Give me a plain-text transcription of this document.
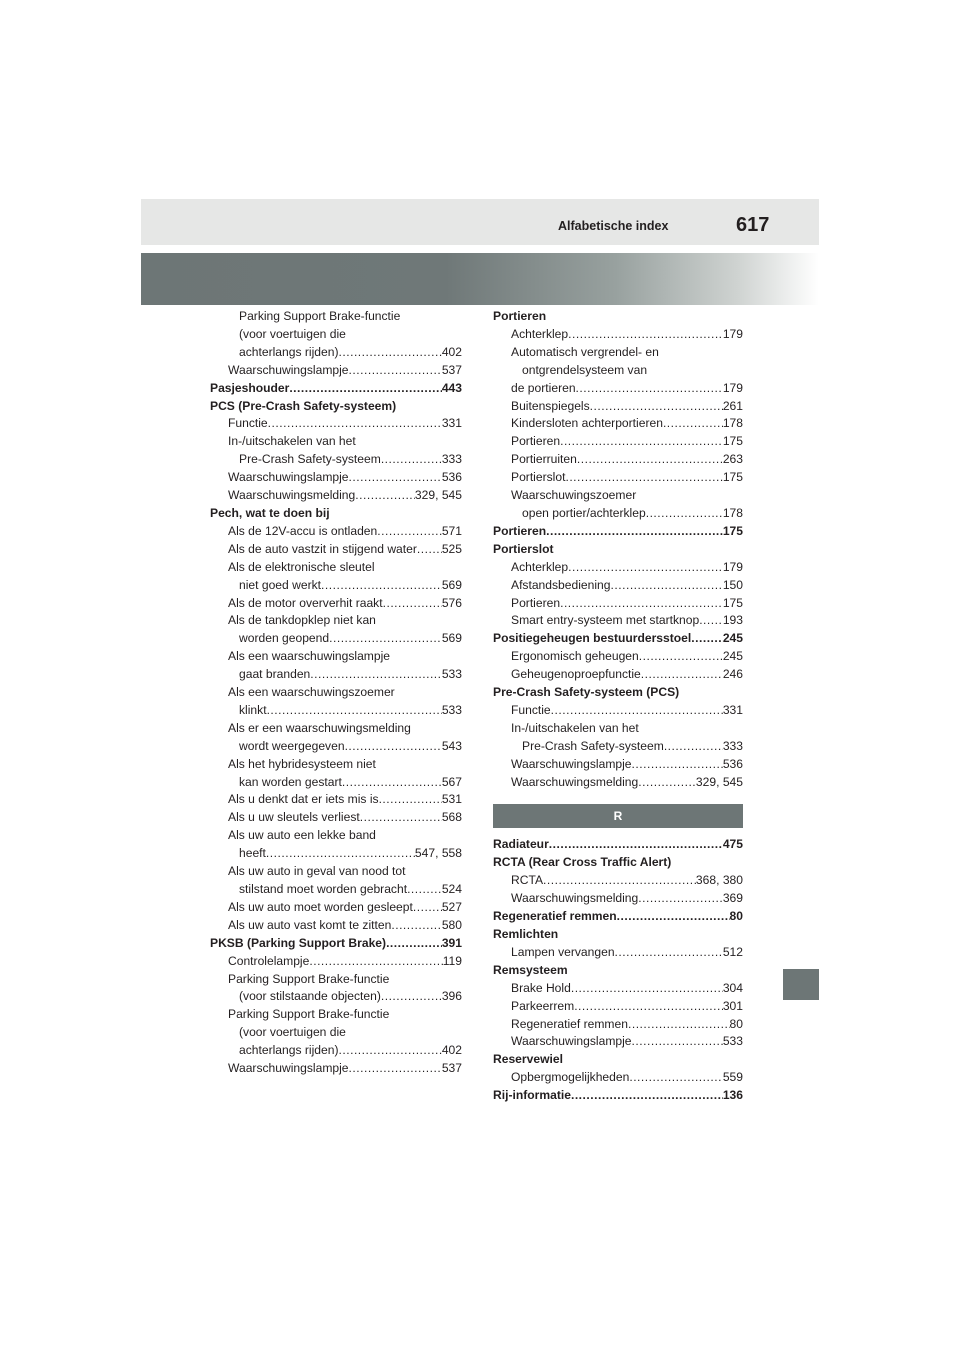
Alfabetische index	617
Parking Support Brake-functie
(voor voertuigen die
achterlangs rijden) .....	402
Waarschuwingslampje .....	537
Pasjeshouder .....	443
PCS (Pre-Crash Safety-systeem)
Functie .....	331
In-/uitschakelen van het
Pre-Crash Safety-systeem .....	333
Waarschuwingslampje .....	536
Waarschuwingsmelding .....	329, 545
Pech, wat te doen bij
Als de 12V-accu is ontladen .....	571
Als de auto vastzit in stijgend water ..... 525
Als de elektronische sleutel
niet goed werkt .....	569
Als de motor oververhit raakt .....	576
Als de tankdopklep niet kan
worden geopend .....	569
Als een waarschuwingslampje
gaat branden .....	533
Als een waarschuwingszoemer
klinkt .....	533
Als er een waarschuwingsmelding
wordt weergegeven .....	543
Als het hybridesysteem niet
kan worden gestart .....	567
Als u denkt dat er iets mis is .....	531
Als u uw sleutels verliest .....	568
Als uw auto een lekke band
heeft .....	547, 558
Als uw auto in geval van nood tot
stilstand moet worden gebracht .....	524
Als uw auto moet worden gesleept ..... 527
Als uw auto vast komt te zitten .....	580
PKSB (Parking Support Brake) .....	391
Controlelampje .....	119
Parking Support Brake-functie
(voor stilstaande objecten) .....	396
Parking Support Brake-functie
(voor voertuigen die
achterlangs rijden) .....	402
Waarschuwingslampje .....	537
Portieren
Achterklep .....	179
Automatisch vergrendel- en
ontgrendelsysteem van
de portieren .....	179
Buitenspiegels .....	261
Kindersloten achterportieren .....	178
Portieren .....	175
Portierruiten .....	263
Portierslot .....	175
Waarschuwingszoemer
open portier/achterklep .....	178
Portieren .....	175
Portierslot
Achterklep .....	179
Afstandsbediening .....	150
Portieren .....	175
Smart entry-systeem met startknop ..... 193
Positiegeheugen bestuurdersstoel .....	245
Ergonomisch geheugen .....	245
Geheugenoproepfunctie .....	246
Pre-Crash Safety-systeem (PCS)
Functie .....	331
In-/uitschakelen van het
Pre-Crash Safety-systeem .....	333
Waarschuwingslampje .....	536
Waarschuwingsmelding .....	329, 545
R
Radiateur .....	475
RCTA (Rear Cross Traffic Alert)
RCTA .....	368, 380
Waarschuwingsmelding .....	369
Regeneratief remmen .....	80
Remlichten
Lampen vervangen .....	512
Remsysteem
Brake Hold .....	304
Parkeerrem .....	301
Regeneratief remmen .....	80
Waarschuwingslampje .....	533
Reservewiel
Opbergmogelijkheden .....	559
Rij-informatie .....	136
